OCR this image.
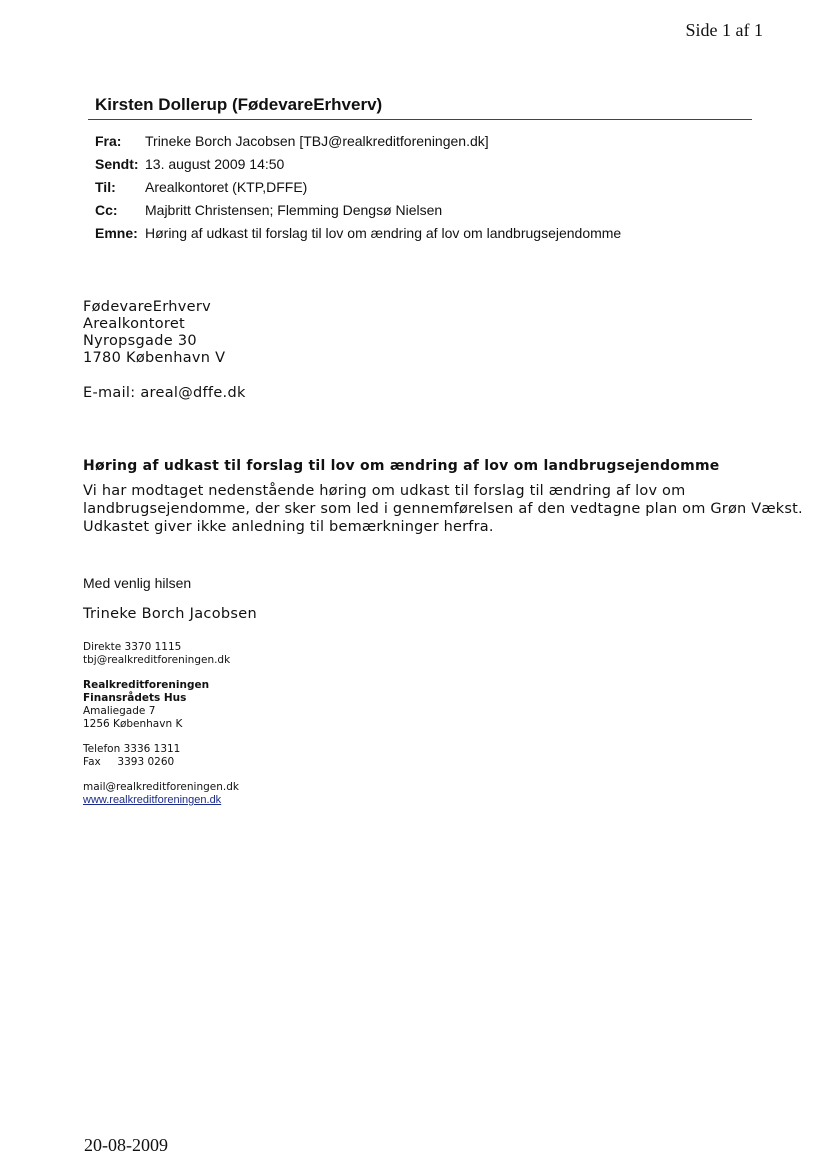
Side 1 af 1
Kirsten Dollerup (FødevareErhverv)
Fra: Trineke Borch Jacobsen [TBJ@realkreditforeningen.dk]
Sendt: 13. august 2009 14:50
Til: Arealkontoret (KTP,DFFE)
Cc: Majbritt Christensen; Flemming Dengsø Nielsen
Emne: Høring af udkast til forslag til lov om ændring af lov om landbrugsejendomme
FødevareErhverv
Arealkontoret
Nyropsgade 30
1780 København V
E-mail: areal@dffe.dk
Høring af udkast til forslag til lov om ændring af lov om landbrugsejendomme
Vi har modtaget nedenstående høring om udkast til forslag til ændring af lov om
landbrugsejendomme, der sker som led i gennemførelsen af den vedtagne plan om Grøn Vækst.
Udkastet giver ikke anledning til bemærkninger herfra.
Med venlig hilsen
Trineke Borch Jacobsen
Direkte 3370 1115
tbj@realkreditforeningen.dk
Realkreditforeningen
Finansrådets Hus
Amaliegade 7
1256 København K
Telefon 3336 1311
Fax     3393 0260
mail@realkreditforeningen.dk
www.realkreditforeningen.dk
20-08-2009
